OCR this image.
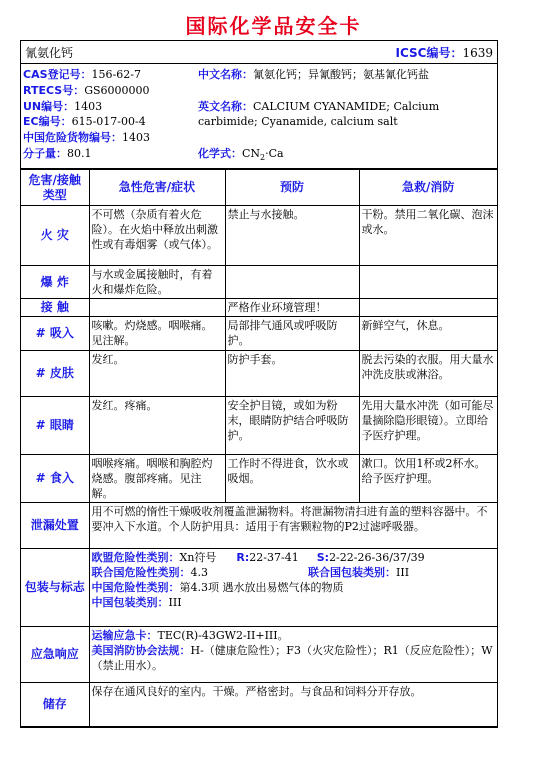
国际化学品安全卡
氰氨化钙	ICSC编号：1639
CAS登记号：156-62-7
RTECS号：GS6000000
UN编号：1403
EC编号：615-017-00-4
中国危险货物编号：1403
分子量：80.1
中文名称：氰氨化钙；异氰酸钙；氨基氰化钙盐

英文名称：CALCIUM CYANAMIDE; Calcium
carbimide; Cyanamide, calcium salt

化学式：$CN_2\cdot Ca$
危害/接触类型	急性危害/症状	预防	急救/消防
火 灾	不可燃（杂质有着火危险）。在火焰中释放出刺激性或有毒烟雾（或气体）。	禁止与水接触。	干粉。禁用二氧化碳、泡沫或水。
爆 炸	与水或金属接触时，有着火和爆炸危险。		
接 触		严格作业环境管理！	
# 吸入	咳嗽。灼烧感。咽喉痛。见注解。	局部排气通风或呼吸防护。	新鲜空气，休息。
# 皮肤	发红。	防护手套。	脱去污染的衣服。用大量水冲洗皮肤或淋浴。
# 眼睛	发红。疼痛。	安全护目镜，或如为粉末，眼睛防护结合呼吸防护。	先用大量水冲洗（如可能尽量摘除隐形眼镜）。立即给予医疗护理。
# 食入	咽喉疼痛。咽喉和胸腔灼烧感。腹部疼痛。见注解。	工作时不得进食，饮水或吸烟。	漱口。饮用1杯或2杯水。给予医疗护理。
泄漏处置	用不可燃的惰性干燥吸收剂覆盖泄漏物料。将泄漏物清扫进有盖的塑料容器中。不要冲入下水道。个人防护用具：适用于有害颗粒物的P2过滤呼吸器。		
包装与标志	欧盟危险性类别：Xn符号 R:22-37-41 S:2-22-26-36/37/39
联合国危险性类别：4.3 联合国包装类别：III
中国危险性类别：第4.3项 遇水放出易燃气体的物质
中国包装类别：III		

应急响应	运输应急卡：TEC(R)-43GW2-II+III。
美国消防协会法规：H-（健康危险性）；F3（火灾危险性）；R1（反应危险性）；W（禁止用水）。		

储存	保存在通风良好的室内。干燥。严格密封。与食品和饲料分开存放。		
